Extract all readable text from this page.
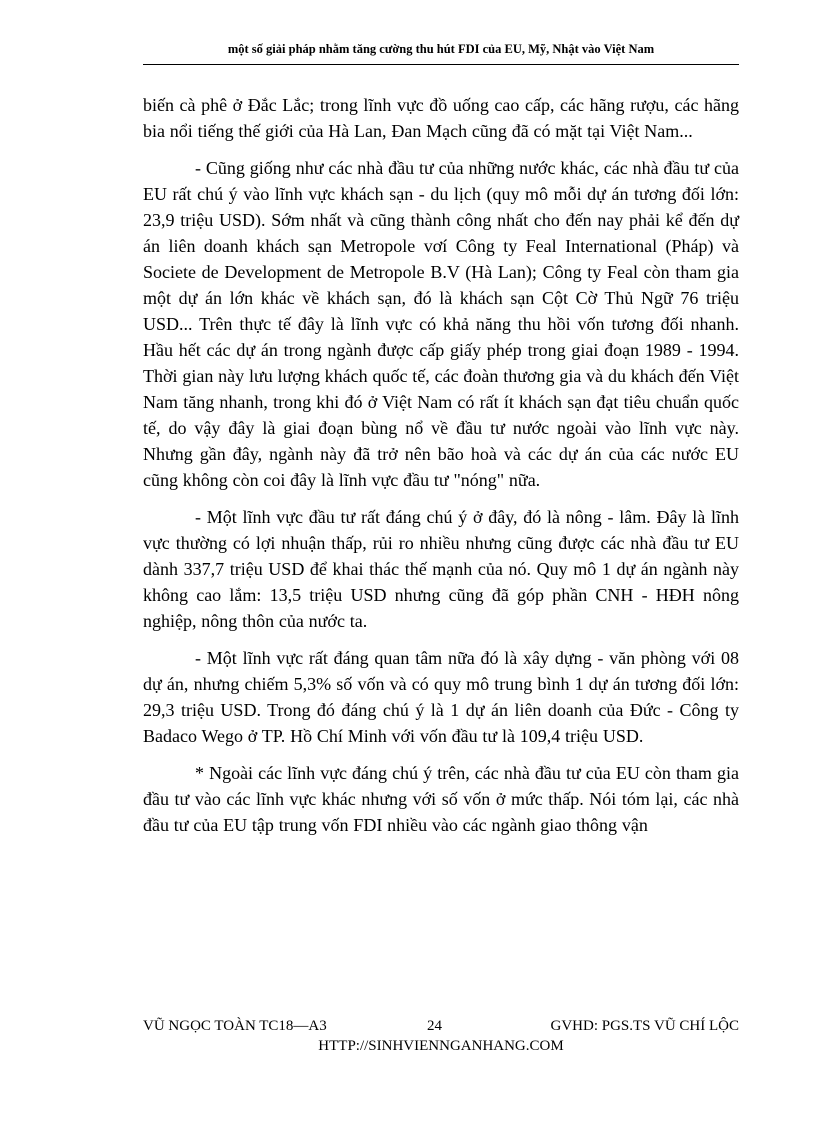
một số giải pháp nhằm tăng cường thu hút FDI của EU, Mỹ, Nhật vào Việt Nam

biến cà phê ở Đắc Lắc; trong lĩnh vực đồ uống cao cấp, các hãng rượu, các hãng bia nổi tiếng thế giới của Hà Lan, Đan Mạch cũng đã có mặt tại Việt Nam...

- Cũng giống như các nhà đầu tư của những nước khác, các nhà đầu tư của EU rất chú ý vào lĩnh vực khách sạn - du lịch (quy mô mỗi dự án tương đối lớn: 23,9 triệu USD). Sớm nhất và cũng thành công nhất cho đến nay phải kể đến dự án liên doanh khách sạn Metropole vơí Công ty Feal International (Pháp) và Societe de Development de Metropole B.V (Hà Lan); Công ty Feal còn tham gia một dự án lớn khác về khách sạn, đó là khách sạn Cột Cờ Thủ Ngữ 76 triệu USD... Trên thực tế đây là lĩnh vực có khả năng thu hồi vốn tương đối nhanh. Hầu hết các dự án trong ngành được cấp giấy phép trong giai đoạn 1989 - 1994. Thời gian này lưu lượng khách quốc tế, các đoàn thương gia và du khách đến Việt Nam tăng nhanh, trong khi đó ở Việt Nam có rất ít khách sạn đạt tiêu chuẩn quốc tế, do vậy đây là giai đoạn bùng nổ về đầu tư nước ngoài vào lĩnh vực này. Nhưng gần đây, ngành này đã trở nên bão hoà và các dự án của các nước EU cũng không còn coi đây là lĩnh vực đầu tư "nóng" nữa.

- Một lĩnh vực đầu tư rất đáng chú ý ở đây, đó là nông - lâm. Đây là lĩnh vực thường có lợi nhuận thấp, rủi ro nhiều nhưng cũng được các nhà đầu tư EU dành 337,7 triệu USD để khai thác thế mạnh của nó. Quy mô 1 dự án ngành này không cao lắm: 13,5 triệu USD nhưng cũng đã góp phần CNH - HĐH nông nghiệp, nông thôn của nước ta.

- Một lĩnh vực rất đáng quan tâm nữa đó là xây dựng - văn phòng với 08 dự án, nhưng chiếm 5,3% số vốn và có quy mô trung bình 1 dự án tương đối lớn: 29,3 triệu USD. Trong đó đáng chú ý là 1 dự án liên doanh của Đức - Công ty Badaco Wego ở TP. Hồ Chí Minh với vốn đầu tư là 109,4 triệu USD.

* Ngoài các lĩnh vực đáng chú ý trên, các nhà đầu tư của EU còn tham gia đầu tư vào các lĩnh vực khác nhưng với số vốn ở mức thấp. Nói tóm lại, các nhà đầu tư của EU tập trung vốn FDI nhiều vào các ngành giao thông vận

VŨ NGỌC TOÀN TC18—A3	24	GVHD: PGS.TS VŨ CHÍ LỘC
HTTP://SINHVIENNGANHANG.COM
